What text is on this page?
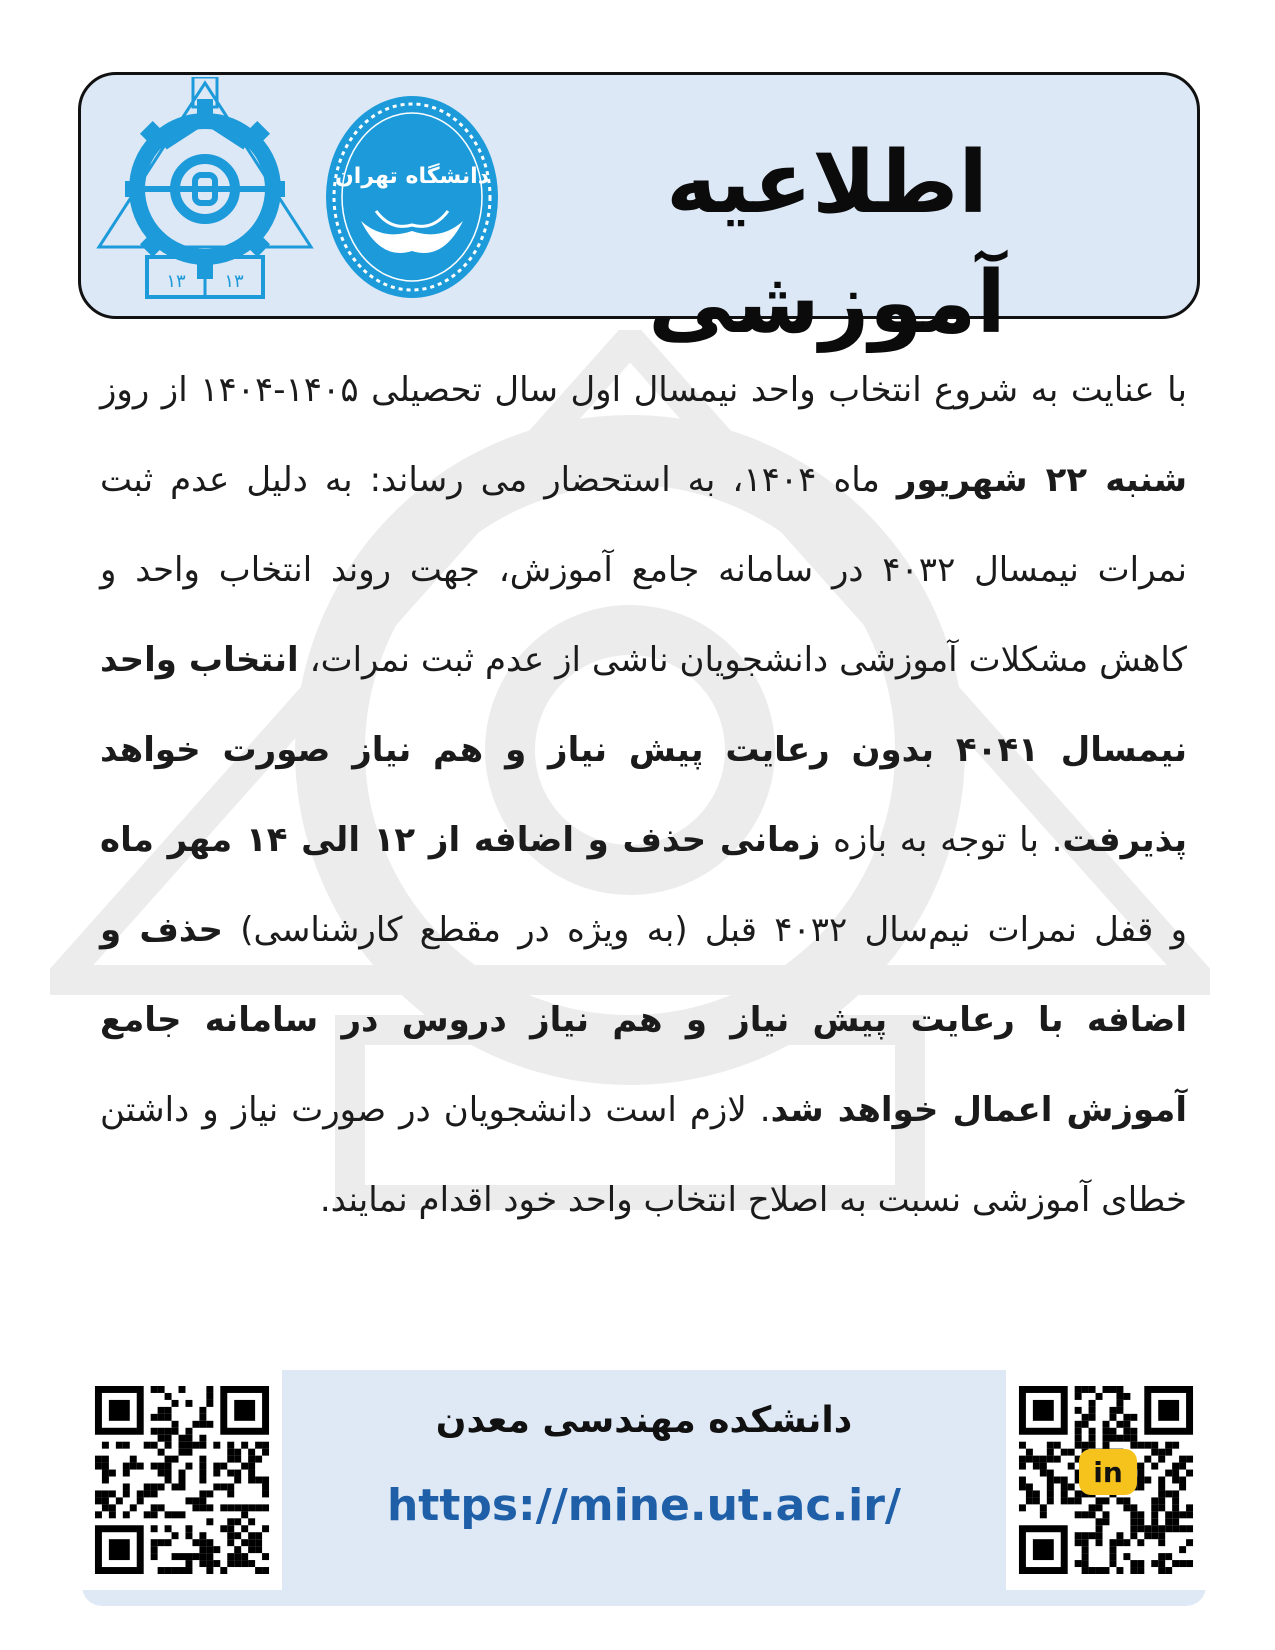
۱۳ ۱۳
دانشگاه تهران	اطلاعیه آموزشی
با عنایت به شروع انتخاب واحد نیمسال اول سال تحصیلی ۱۴۰۵-۱۴۰۴ از روز شنبه ۲۲ شهریور ماه ۱۴۰۴، به استحضار می رساند: به دلیل عدم ثبت نمرات نیمسال ۴۰۳۲ در سامانه جامع آموزش، جهت روند انتخاب واحد و کاهش مشکلات آموزشی دانشجویان ناشی از عدم ثبت نمرات، انتخاب واحد نیمسال ۴۰۴۱ بدون رعایت پیش نیاز و هم نیاز صورت خواهد پذیرفت. با توجه به بازه زمانی حذف و اضافه از ۱۲ الی ۱۴ مهر ماه و قفل نمرات نیم‌سال ۴۰۳۲ قبل (به ویژه در مقطع کارشناسی) حذف و اضافه با رعایت پیش نیاز و هم نیاز دروس در سامانه جامع آموزش اعمال خواهد شد. لازم است دانشجویان در صورت نیاز و داشتن خطای آموزشی نسبت به اصلاح انتخاب واحد خود اقدام نمایند.
دانشکده مهندسی معدن
https://mine.ut.ac.ir/
in
